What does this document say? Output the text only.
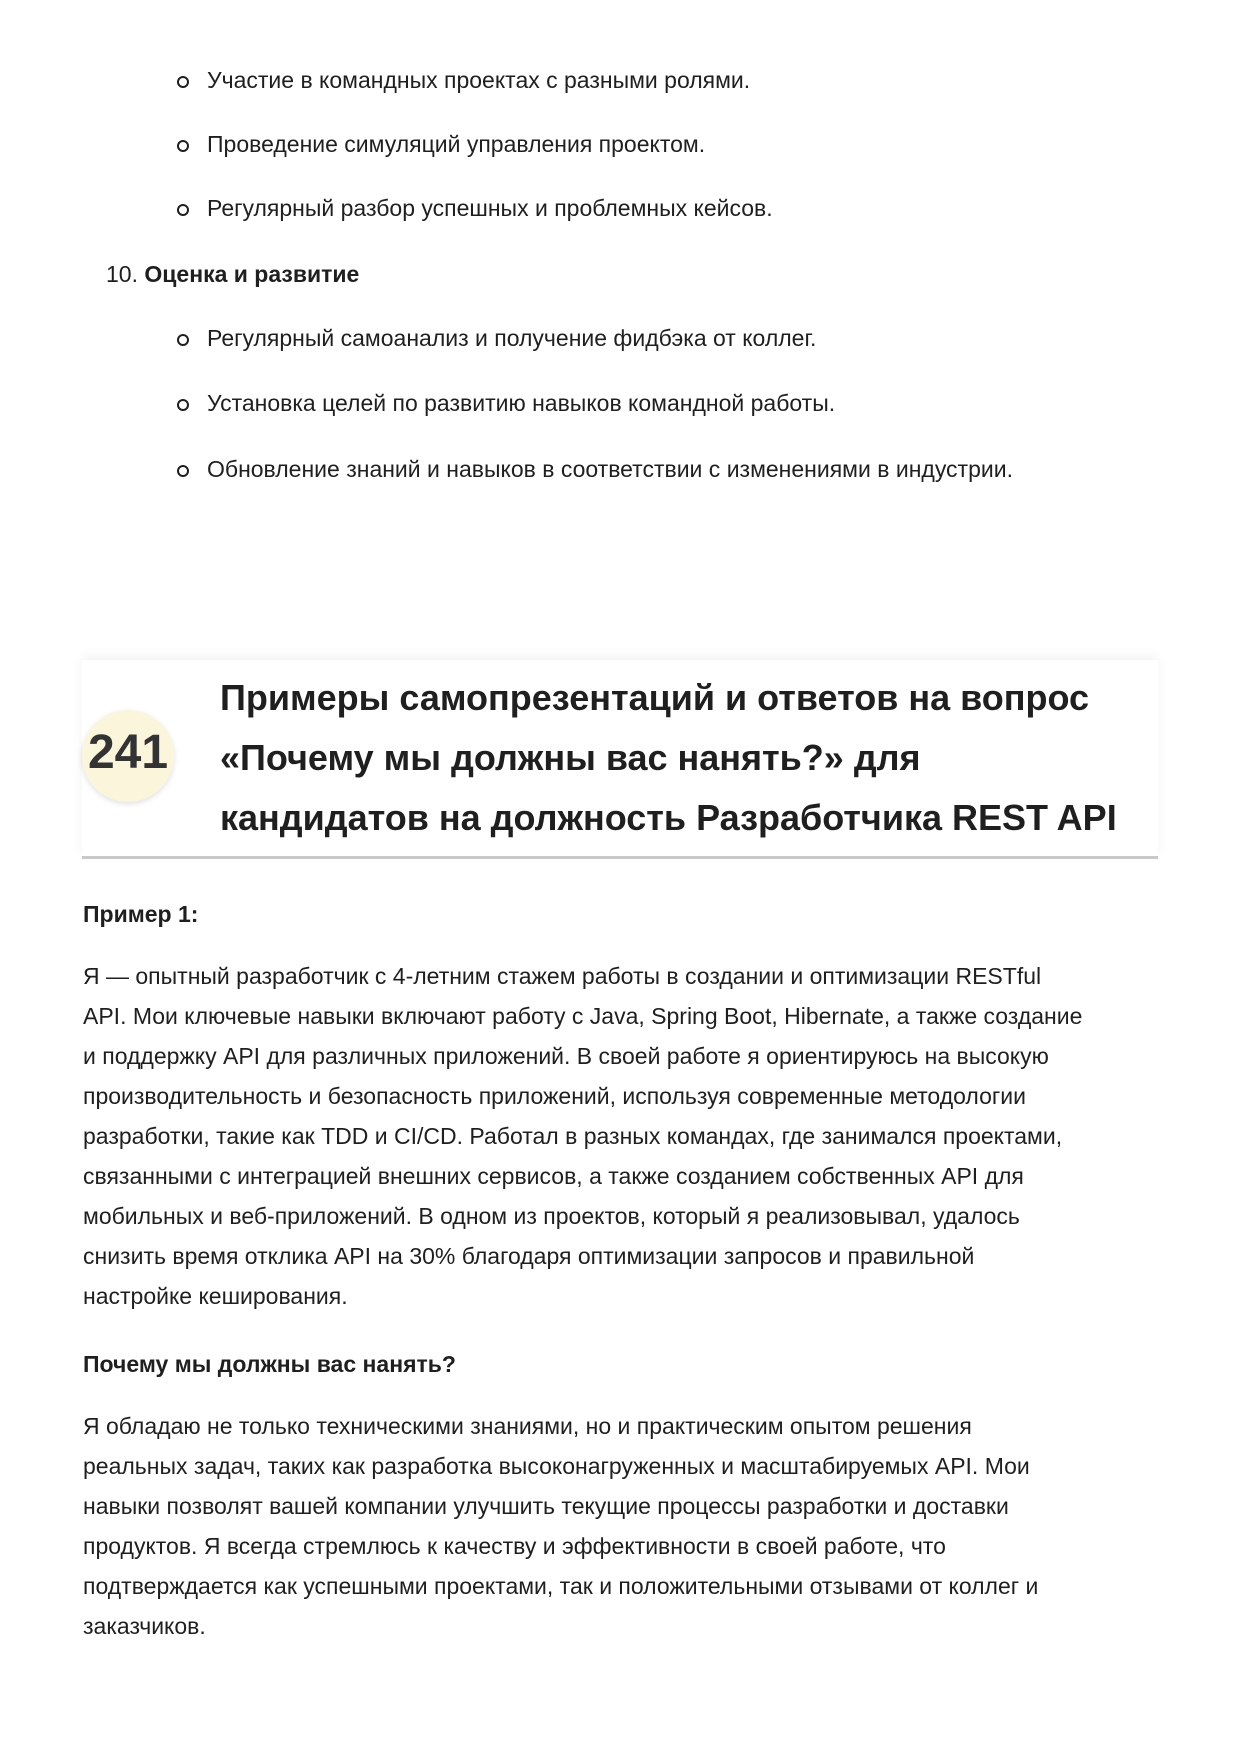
Участие в командных проектах с разными ролями.
Проведение симуляций управления проектом.
Регулярный разбор успешных и проблемных кейсов.
10. Оценка и развитие
Регулярный самоанализ и получение фидбэка от коллег.
Установка целей по развитию навыков командной работы.
Обновление знаний и навыков в соответствии с изменениями в индустрии.
241
Примеры самопрезентаций и ответов на вопрос
«Почему мы должны вас нанять?» для
кандидатов на должность Разработчика REST API
Пример 1:
Я — опытный разработчик с 4-летним стажем работы в создании и оптимизации RESTful
API. Мои ключевые навыки включают работу с Java, Spring Boot, Hibernate, а также создание
и поддержку API для различных приложений. В своей работе я ориентируюсь на высокую
производительность и безопасность приложений, используя современные методологии
разработки, такие как TDD и CI/CD. Работал в разных командах, где занимался проектами,
связанными с интеграцией внешних сервисов, а также созданием собственных API для
мобильных и веб-приложений. В одном из проектов, который я реализовывал, удалось
снизить время отклика API на 30% благодаря оптимизации запросов и правильной
настройке кеширования.
Почему мы должны вас нанять?
Я обладаю не только техническими знаниями, но и практическим опытом решения
реальных задач, таких как разработка высоконагруженных и масштабируемых API. Мои
навыки позволят вашей компании улучшить текущие процессы разработки и доставки
продуктов. Я всегда стремлюсь к качеству и эффективности в своей работе, что
подтверждается как успешными проектами, так и положительными отзывами от коллег и
заказчиков.
